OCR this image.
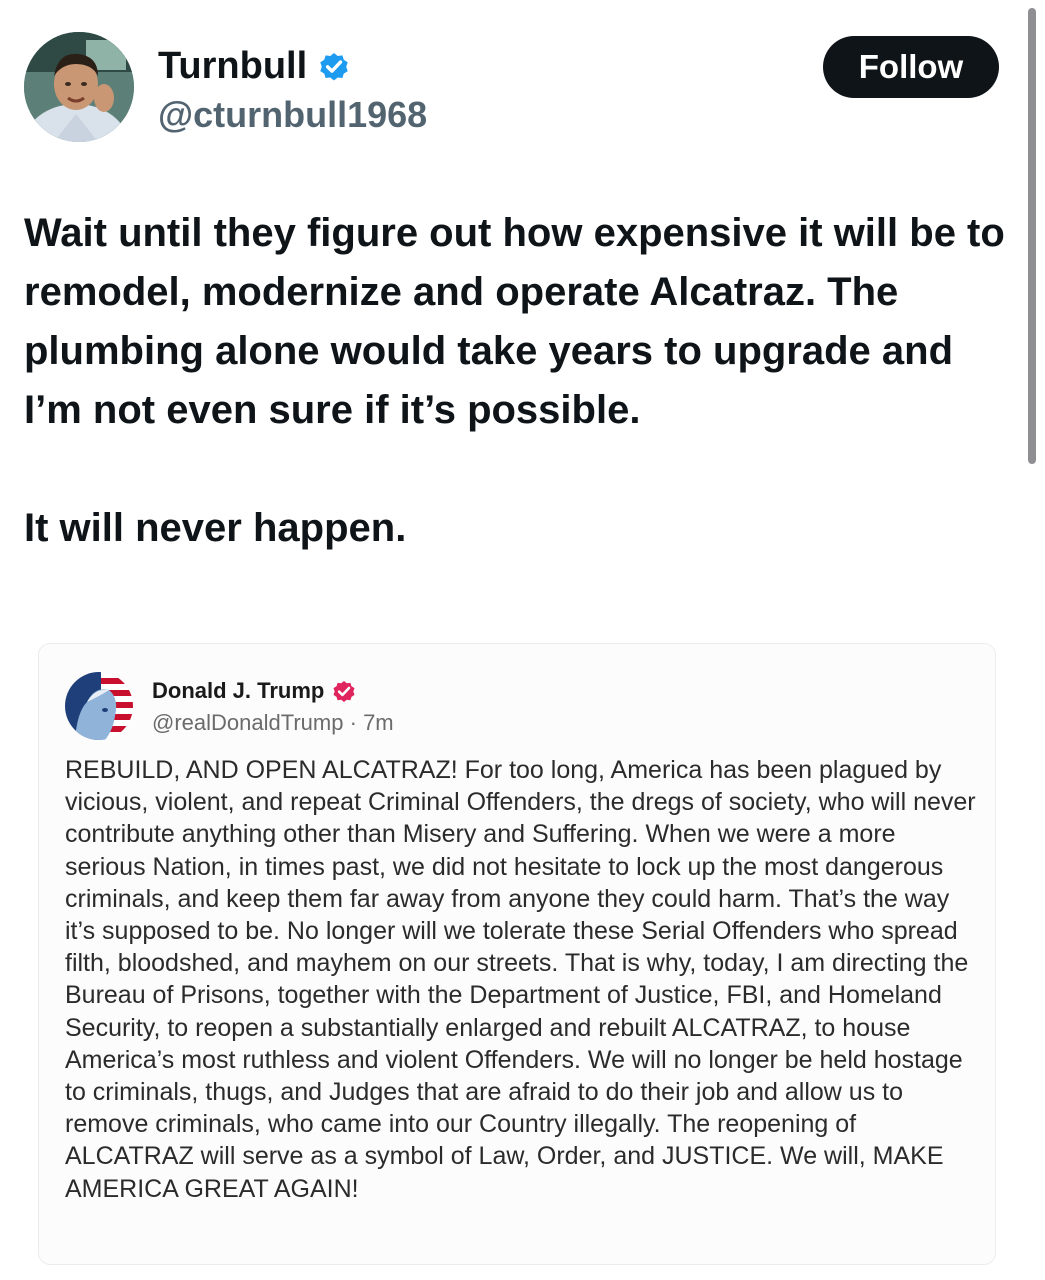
Turnbull
@cturnbull1968
Follow

Wait until they figure out how expensive it will be to remodel, modernize and operate Alcatraz. The plumbing alone would take years to upgrade and I’m not even sure if it’s possible.

It will never happen.

Donald J. Trump
@realDonaldTrump · 7m

REBUILD, AND OPEN ALCATRAZ! For too long, America has been plagued by vicious, violent, and repeat Criminal Offenders, the dregs of society, who will never contribute anything other than Misery and Suffering. When we were a more serious Nation, in times past, we did not hesitate to lock up the most dangerous criminals, and keep them far away from anyone they could harm. That’s the way it’s supposed to be. No longer will we tolerate these Serial Offenders who spread filth, bloodshed, and mayhem on our streets. That is why, today, I am directing the Bureau of Prisons, together with the Department of Justice, FBI, and Homeland Security, to reopen a substantially enlarged and rebuilt ALCATRAZ, to house America’s most ruthless and violent Offenders. We will no longer be held hostage to criminals, thugs, and Judges that are afraid to do their job and allow us to remove criminals, who came into our Country illegally. The reopening of ALCATRAZ will serve as a symbol of Law, Order, and JUSTICE. We will, MAKE AMERICA GREAT AGAIN!
